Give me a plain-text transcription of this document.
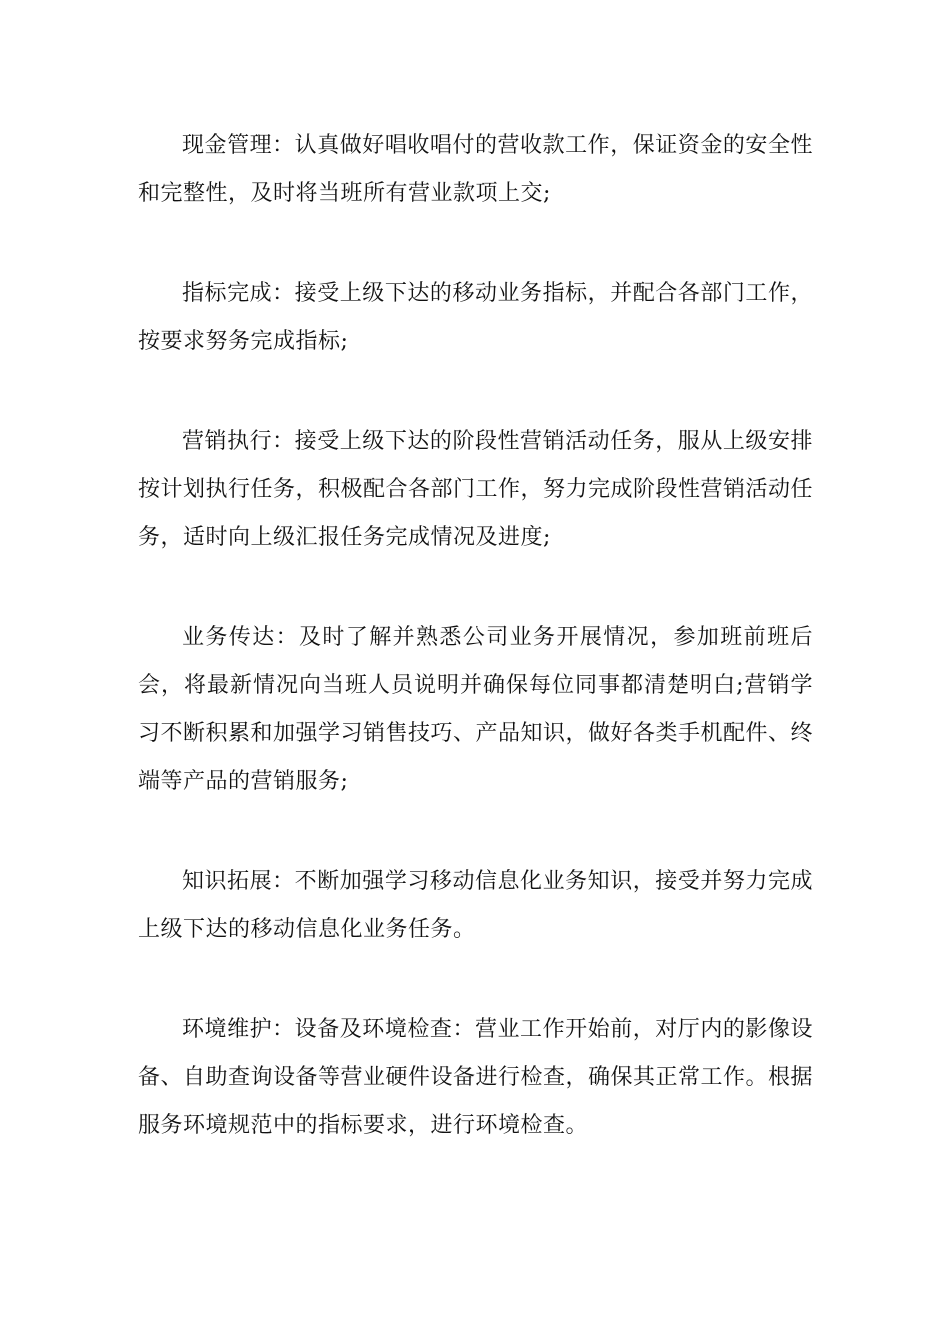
现金管理：认真做好唱收唱付的营收款工作，保证资金的安全性和完整性，及时将当班所有营业款项上交;

指标完成：接受上级下达的移动业务指标，并配合各部门工作，按要求努务完成指标;

营销执行：接受上级下达的阶段性营销活动任务，服从上级安排按计划执行任务，积极配合各部门工作，努力完成阶段性营销活动任务，适时向上级汇报任务完成情况及进度;

业务传达：及时了解并熟悉公司业务开展情况，参加班前班后会，将最新情况向当班人员说明并确保每位同事都清楚明白;营销学习不断积累和加强学习销售技巧、产品知识，做好各类手机配件、终端等产品的营销服务;

知识拓展：不断加强学习移动信息化业务知识，接受并努力完成上级下达的移动信息化业务任务。

环境维护：设备及环境检查：营业工作开始前，对厅内的影像设备、自助查询设备等营业硬件设备进行检查，确保其正常工作。根据服务环境规范中的指标要求，进行环境检查。
